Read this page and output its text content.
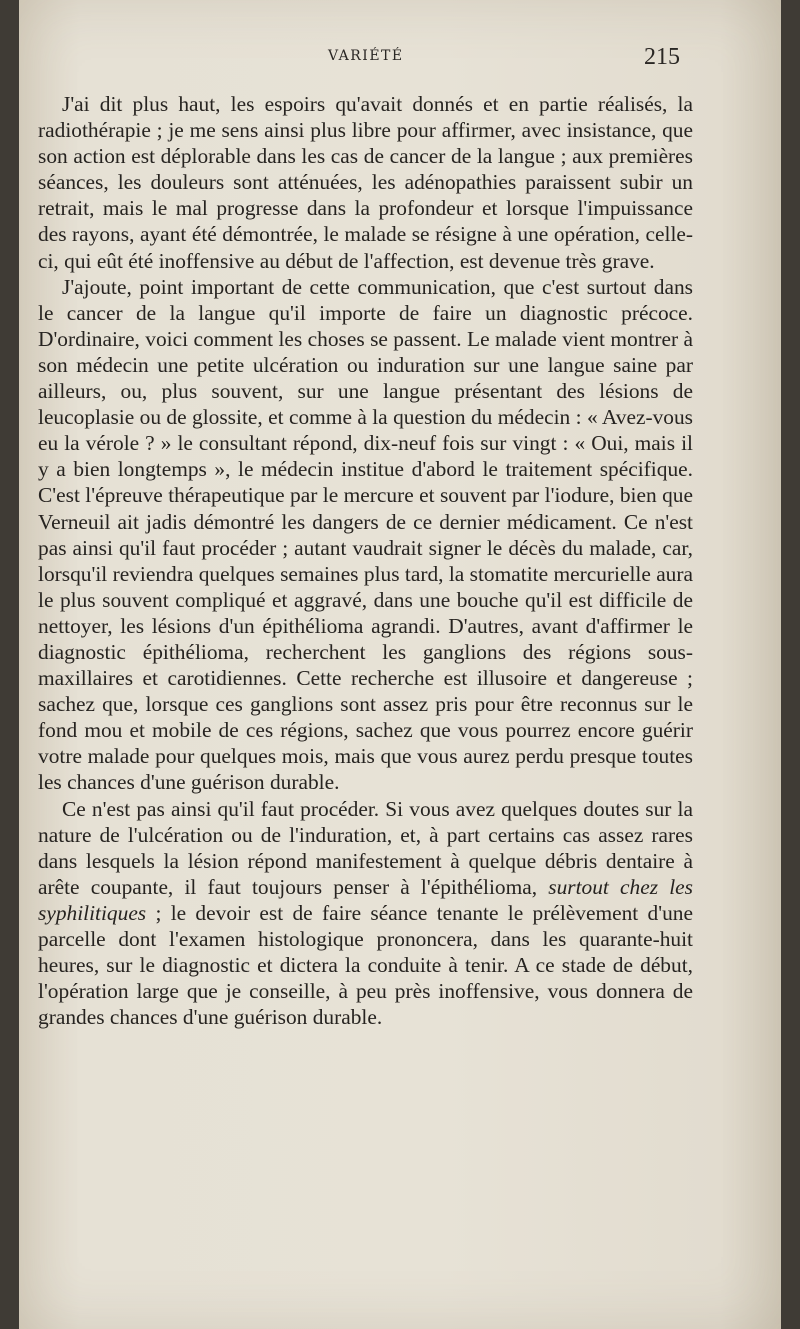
VARIÉTÉ	215

J'ai dit plus haut, les espoirs qu'avait donnés et en partie réalisés, la radiothérapie ; je me sens ainsi plus libre pour affirmer, avec insistance, que son action est déplorable dans les cas de cancer de la langue ; aux premières séances, les douleurs sont atténuées, les adénopathies paraissent subir un retrait, mais le mal progresse dans la profondeur et lorsque l'impuissance des rayons, ayant été démontrée, le malade se résigne à une opération, celle-ci, qui eût été inoffensive au début de l'affection, est devenue très grave.

J'ajoute, point important de cette communication, que c'est surtout dans le cancer de la langue qu'il importe de faire un diagnostic précoce. D'ordinaire, voici comment les choses se passent. Le malade vient montrer à son médecin une petite ulcération ou induration sur une langue saine par ailleurs, ou, plus souvent, sur une langue présentant des lésions de leucoplasie ou de glossite, et comme à la question du médecin : « Avez-vous eu la vérole ? » le consultant répond, dix-neuf fois sur vingt : « Oui, mais il y a bien longtemps », le médecin institue d'abord le traitement spécifique. C'est l'épreuve thérapeutique par le mercure et souvent par l'iodure, bien que Verneuil ait jadis démontré les dangers de ce dernier médicament. Ce n'est pas ainsi qu'il faut procéder ; autant vaudrait signer le décès du malade, car, lorsqu'il reviendra quelques semaines plus tard, la stomatite mercurielle aura le plus souvent compliqué et aggravé, dans une bouche qu'il est difficile de nettoyer, les lésions d'un épithélioma agrandi. D'autres, avant d'affirmer le diagnostic épithélioma, recherchent les ganglions des régions sous-maxillaires et carotidiennes. Cette recherche est illusoire et dangereuse ; sachez que, lorsque ces ganglions sont assez pris pour être reconnus sur le fond mou et mobile de ces régions, sachez que vous pourrez encore guérir votre malade pour quelques mois, mais que vous aurez perdu presque toutes les chances d'une guérison durable.

Ce n'est pas ainsi qu'il faut procéder. Si vous avez quelques doutes sur la nature de l'ulcération ou de l'induration, et, à part certains cas assez rares dans lesquels la lésion répond manifestement à quelque débris dentaire à arête coupante, il faut toujours penser à l'épithélioma, surtout chez les syphilitiques ; le devoir est de faire séance tenante le prélèvement d'une parcelle dont l'examen histologique prononcera, dans les quarante-huit heures, sur le diagnostic et dictera la conduite à tenir. A ce stade de début, l'opération large que je conseille, à peu près inoffensive, vous donnera de grandes chances d'une guérison durable.
